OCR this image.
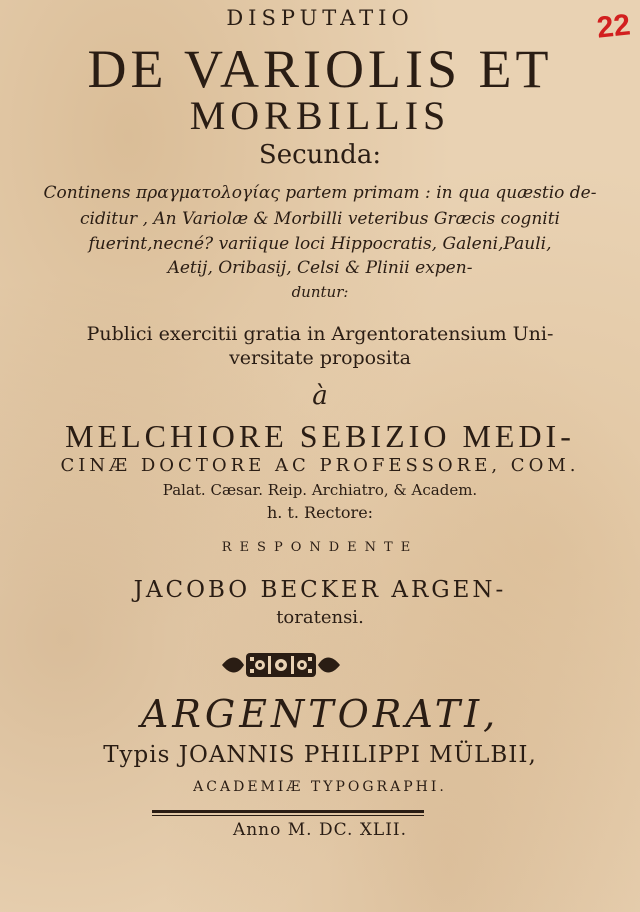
22
DISPUTATIO
DE VARIOLIS ET
MORBILLIS
Secunda:
Continens πραγματολογίας partem primam : in qua quæstio de-
ciditur , An Variolæ & Morbilli veteribus Græcis cogniti
fuerint,necné? variique loci Hippocratis, Galeni,Pauli,
Aetij, Oribasij, Celsi & Plinii expen-
duntur:
Publici exercitii gratia in Argentoratensium Uni-
versitate proposita
à
MELCHIORE SEBIZIO MEDI-
CINÆ DOCTORE AC PROFESSORE, COM.
Palat. Cæsar. Reip. Archiatro, & Academ.
h. t. Rectore:
RESPONDENTE
JACOBO BECKER ARGEN-
toratensi.
ARGENTORATI,
Typis JOANNIS PHILIPPI MÜLBII,
ACADEMIÆ TYPOGRAPHI.
Anno M. DC. XLII.
